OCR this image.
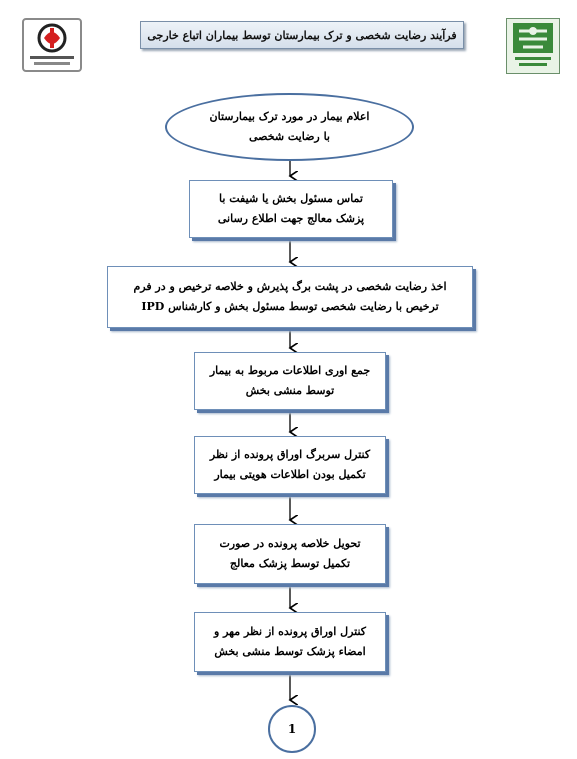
فرآیند رضایت شخصی و ترک بیمارستان توسط بیماران اتباع خارجی
اعلام بیمار در مورد ترک بیمارستان
با رضایت شخصی
تماس مسئول بخش یا شیفت با
پزشک معالج جهت اطلاع رسانی
اخذ رضایت شخصی در پشت برگ پذیرش و خلاصه ترخیص و در فرم
ترخیص با رضایت شخصی توسط مسئول بخش و کارشناس IPD
جمع اوری اطلاعات مربوط به بیمار
توسط منشی بخش
کنترل سربرگ اوراق پرونده از نظر
تکمیل بودن اطلاعات هویتی بیمار
تحویل خلاصه پرونده در صورت
تکمیل توسط پزشک معالج
کنترل اوراق پرونده از نظر مهر و
امضاء پزشک توسط منشی بخش
1
